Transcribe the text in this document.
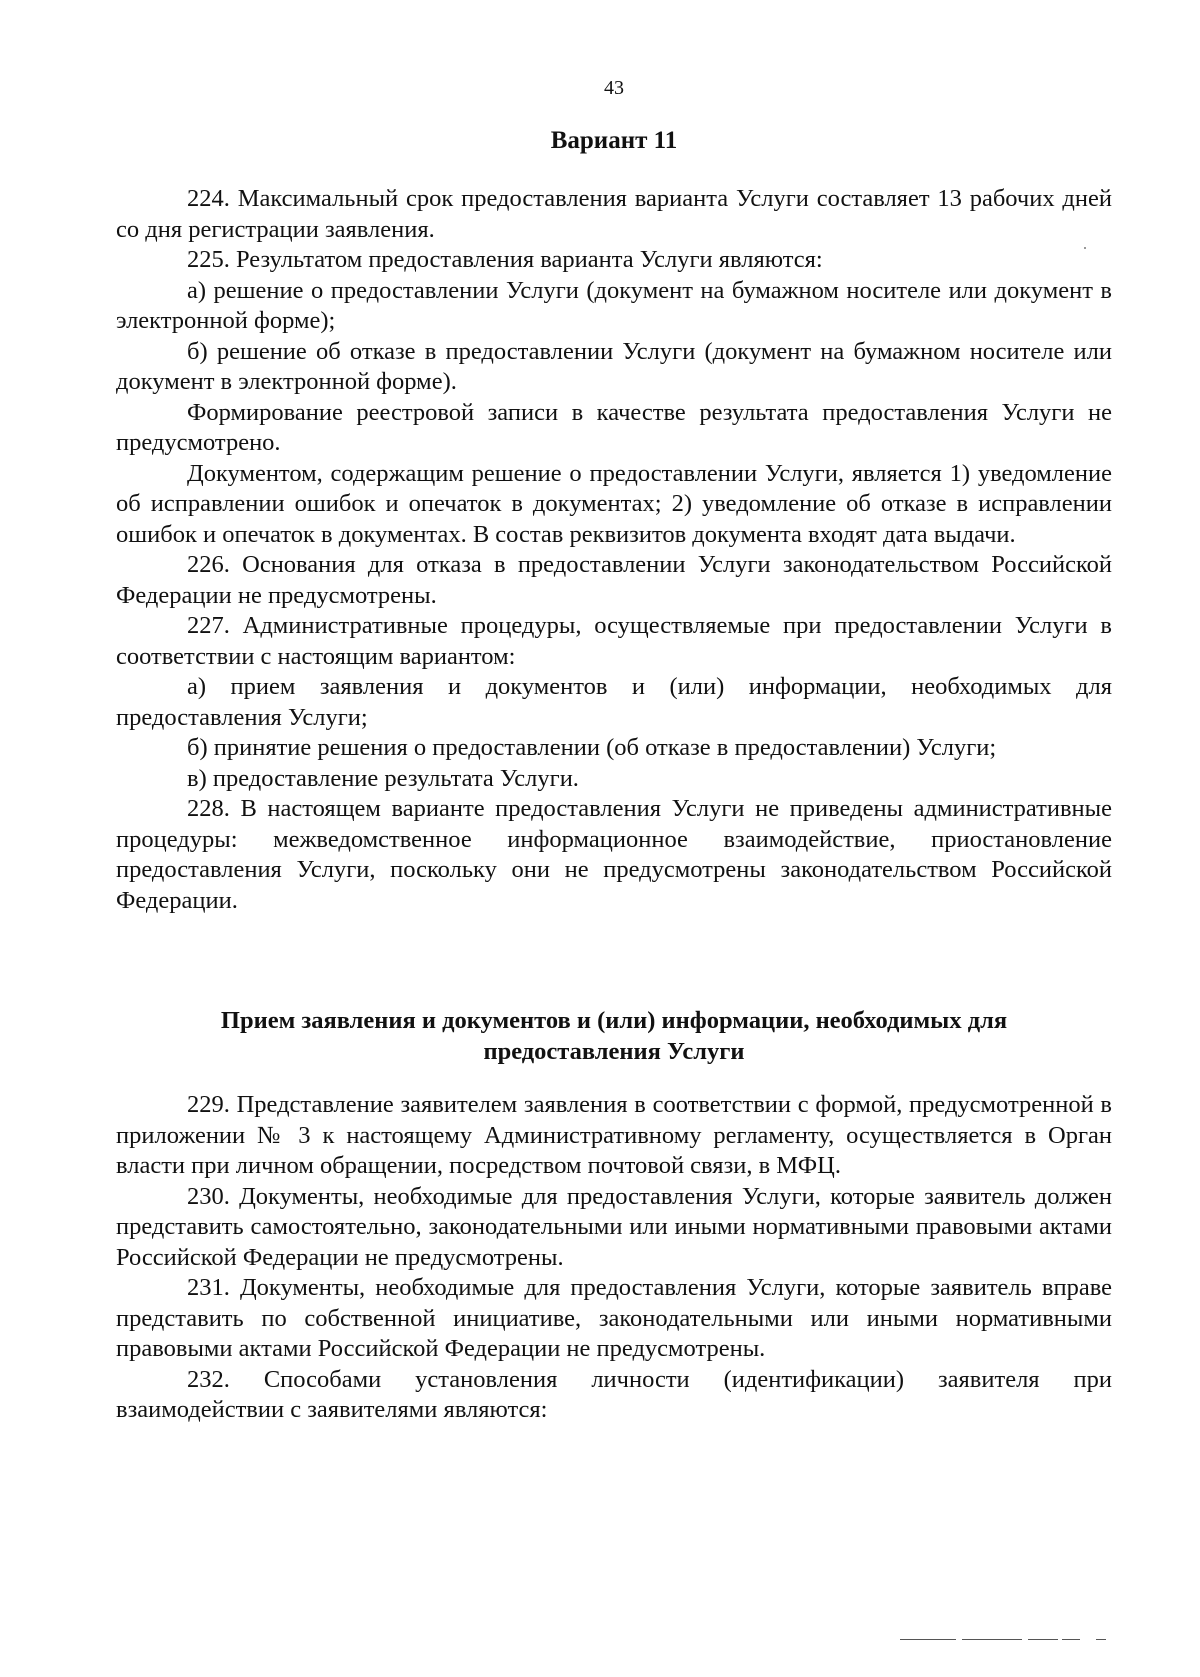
43
Вариант 11

224. Максимальный срок предоставления варианта Услуги составляет 13 рабочих дней со дня регистрации заявления.

225. Результатом предоставления варианта Услуги являются:

а) решение о предоставлении Услуги (документ на бумажном носителе или документ в электронной форме);

б) решение об отказе в предоставлении Услуги (документ на бумажном носителе или документ в электронной форме).

Формирование реестровой записи в качестве результата предоставления Услуги не предусмотрено.

Документом, содержащим решение о предоставлении Услуги, является 1) уведомление об исправлении ошибок и опечаток в документах; 2) уведомление об отказе в исправлении ошибок и опечаток в документах. В состав реквизитов документа входят дата выдачи.

226. Основания для отказа в предоставлении Услуги законодательством Российской Федерации не предусмотрены.

227. Административные процедуры, осуществляемые при предоставлении Услуги в соответствии с настоящим вариантом:

а) прием заявления и документов и (или) информации, необходимых для предоставления Услуги;

б) принятие решения о предоставлении (об отказе в предоставлении) Услуги;

в) предоставление результата Услуги.

228. В настоящем варианте предоставления Услуги не приведены административные процедуры: межведомственное информационное взаимодействие, приостановление предоставления Услуги, поскольку они не предусмотрены законодательством Российской Федерации.

Прием заявления и документов и (или) информации, необходимых для предоставления Услуги

229. Представление заявителем заявления в соответствии с формой, предусмотренной в приложении № 3 к настоящему Административному регламенту, осуществляется в Орган власти при личном обращении, посредством почтовой связи, в МФЦ.

230. Документы, необходимые для предоставления Услуги, которые заявитель должен представить самостоятельно, законодательными или иными нормативными правовыми актами Российской Федерации не предусмотрены.

231. Документы, необходимые для предоставления Услуги, которые заявитель вправе представить по собственной инициативе, законодательными или иными нормативными правовыми актами Российской Федерации не предусмотрены.

232. Способами установления личности (идентификации) заявителя при взаимодействии с заявителями являются:
